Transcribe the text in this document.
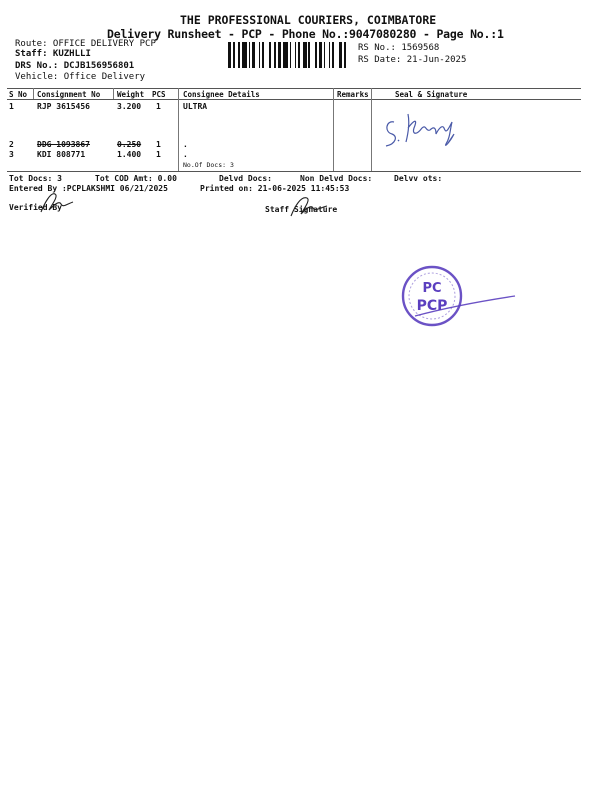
THE PROFESSIONAL COURIERS, COIMBATORE
Delivery Runsheet - PCP - Phone No.:9047080280 - Page No.:1
Route: OFFICE DELIVERY PCP
Staff: KUZHLLI
DRS No.: DCJB156956801
Vehicle: Office Delivery
RS No.: 1569568
RS Date: 21-Jun-2025
S No Consignment No Weight PCS Consignee Details	Remarks	Seal & Signature
1	RJP 3615456	3.200 1	ULTRA
2	DDG 1093867	0.250 1	.
3	KDI 808771	1.400 1	.
No.Of Docs: 3
Tot Docs: 3	Tot COD Amt: 0.00	Delvd Docs:	Non Delvd Docs:	Delvv ots:
Entered By :PCPLAKSHMI 06/21/2025	Printed on: 21-06-2025 11:45:53
Verified By	Staff Signature
PC
PCP
